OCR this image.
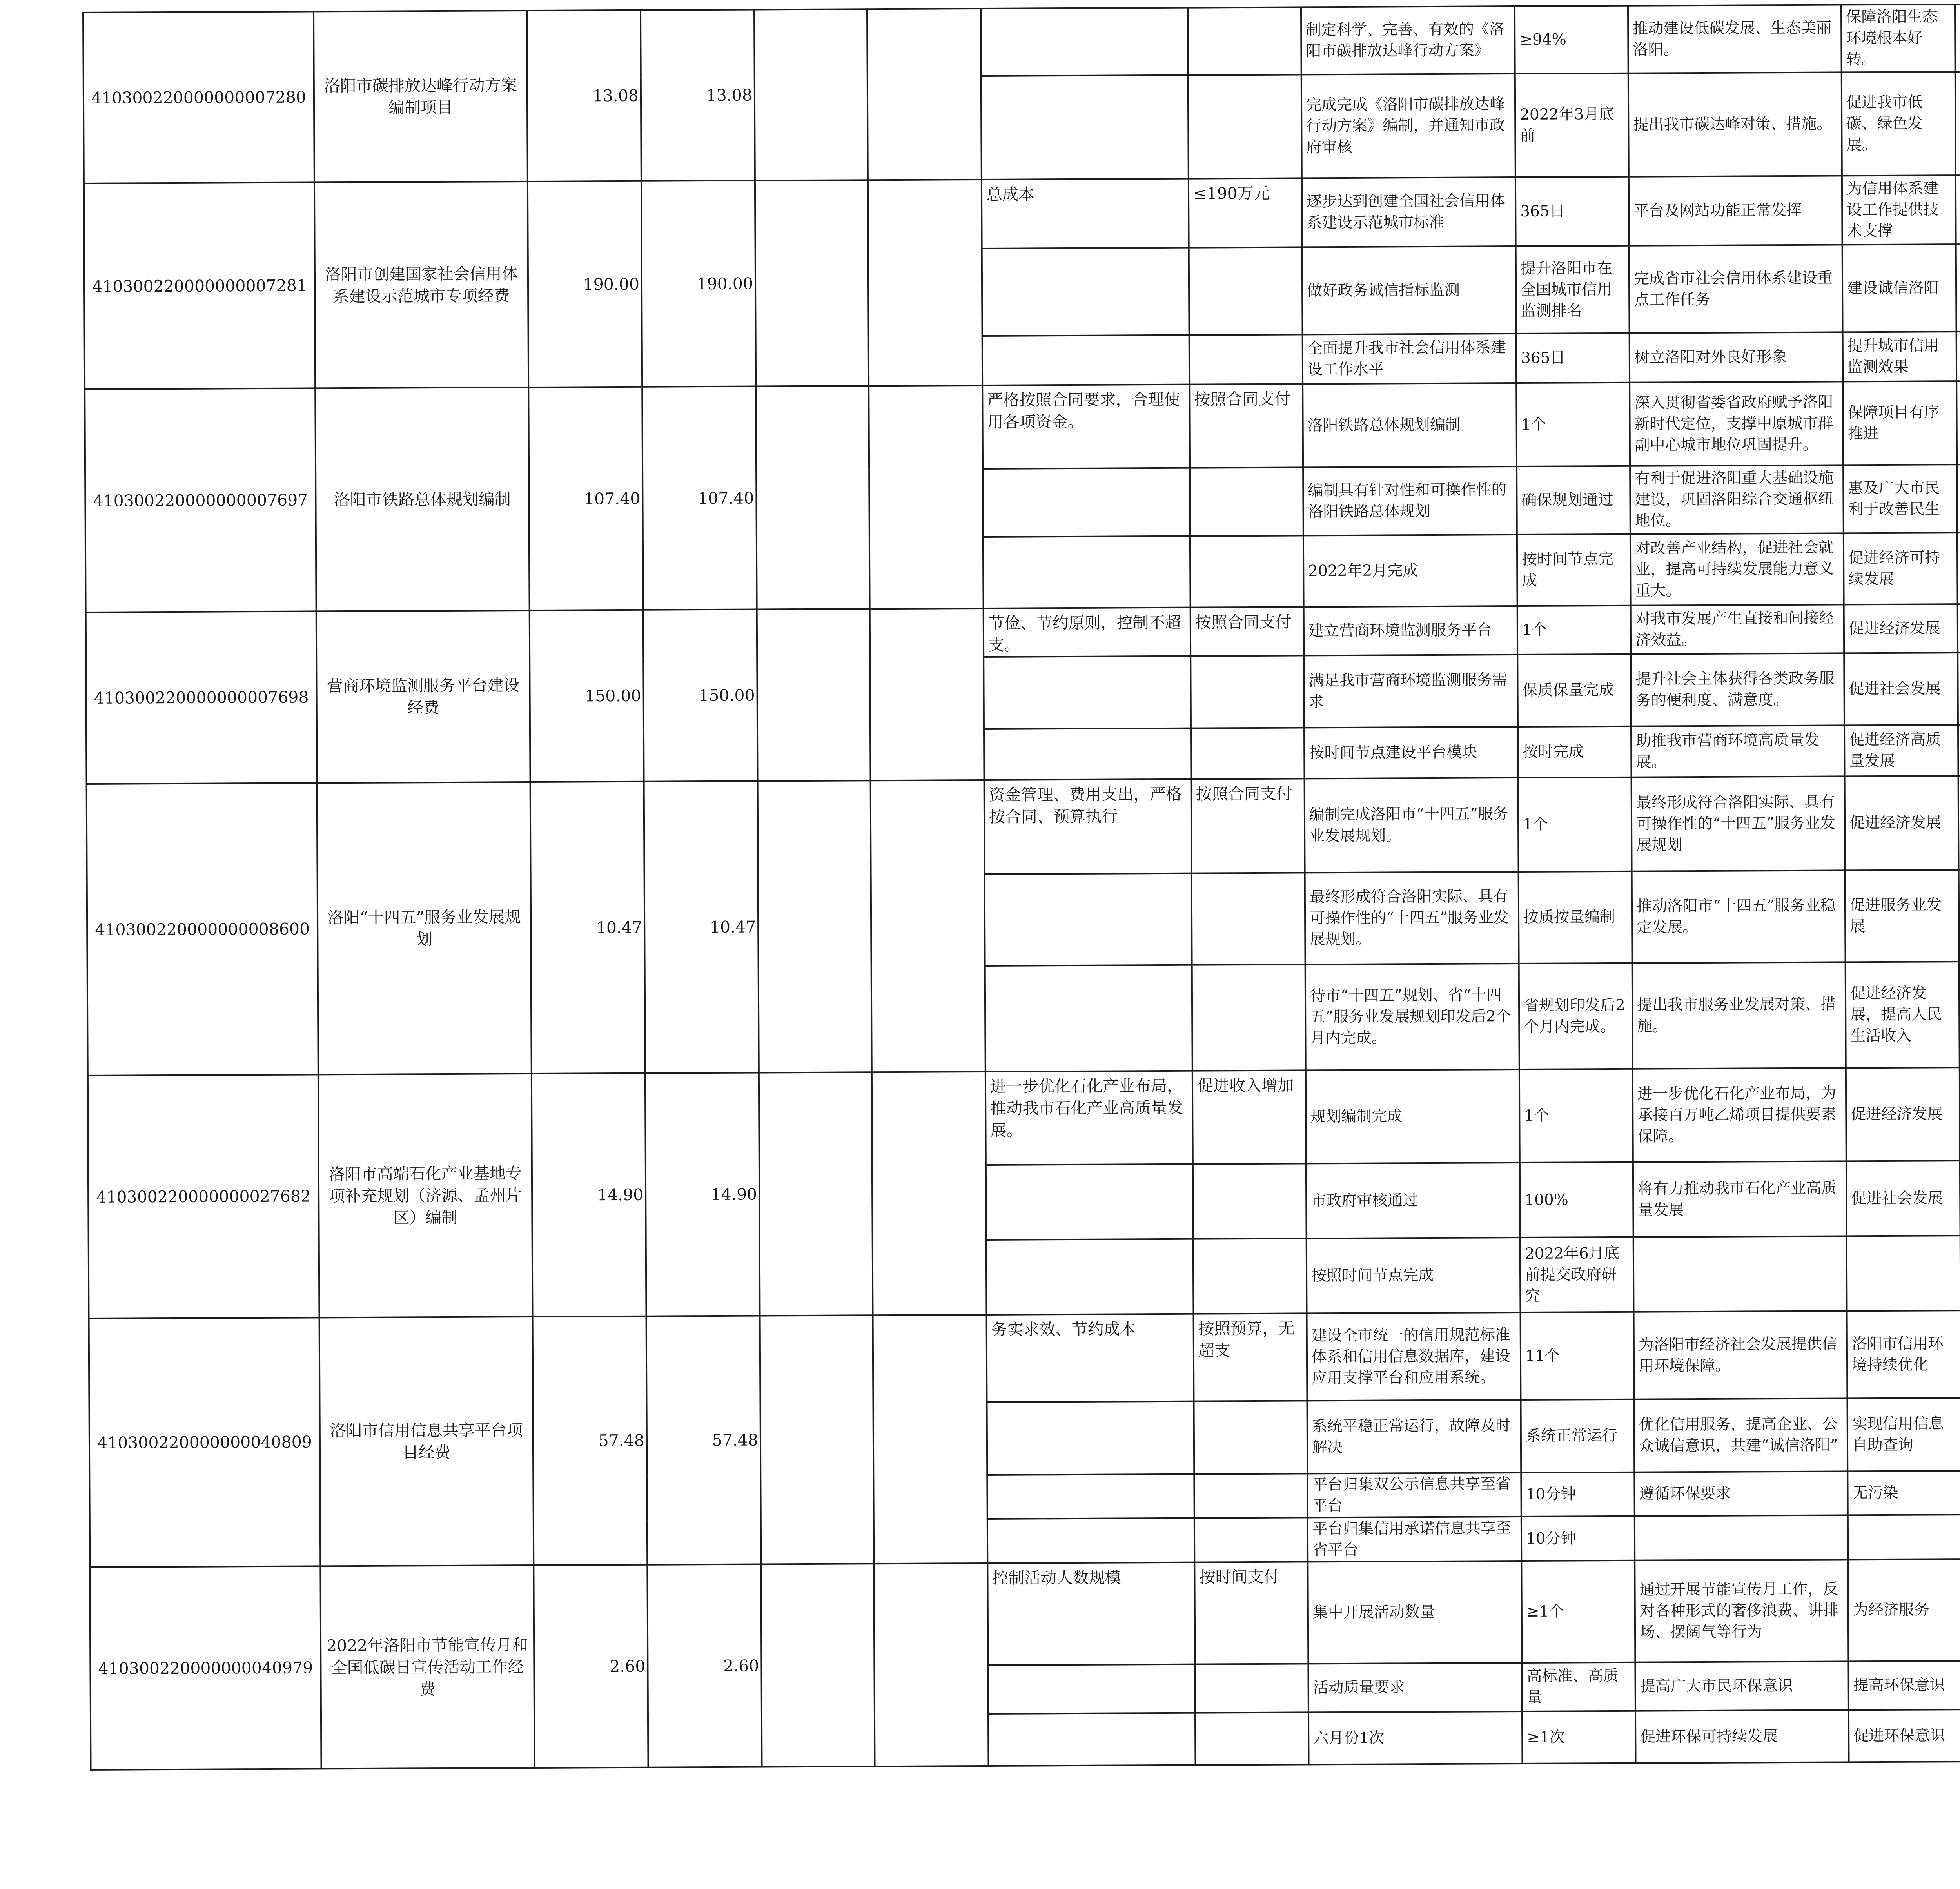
410300220000000007280	洛阳市碳排放达峰行动方案编制项目	13.08	13.08					制定科学、完善、有效的《洛阳市碳排放达峰行动方案》	≥94%	推动建设低碳发展、生态美丽洛阳。	保障洛阳生态环境根本好转。		
								完成完成《洛阳市碳排放达峰行动方案》编制，并通知市政府审核	2022年3月底前	提出我市碳达峰对策、措施。	促进我市低碳、绿色发展。		
410300220000000007281	洛阳市创建国家社会信用体系建设示范城市专项经费	190.00	190.00			总成本	≤190万元	逐步达到创建全国社会信用体系建设示范城市标准	365日	平台及网站功能正常发挥	为信用体系建设工作提供技术支撑		
								做好政务诚信指标监测	提升洛阳市在全国城市信用监测排名	完成省市社会信用体系建设重点工作任务	建设诚信洛阳		
								全面提升我市社会信用体系建设工作水平	365日	树立洛阳对外良好形象	提升城市信用监测效果		
410300220000000007697	洛阳市铁路总体规划编制	107.40	107.40			严格按照合同要求，合理使用各项资金。	按照合同支付	洛阳铁路总体规划编制	1个	深入贯彻省委省政府赋予洛阳新时代定位，支撑中原城市群副中心城市地位巩固提升。	保障项目有序推进		
								编制具有针对性和可操作性的洛阳铁路总体规划	确保规划通过	有利于促进洛阳重大基础设施建设，巩固洛阳综合交通枢纽地位。	惠及广大市民利于改善民生		
								2022年2月完成	按时间节点完成	对改善产业结构，促进社会就业，提高可持续发展能力意义重大。	促进经济可持续发展		
410300220000000007698	营商环境监测服务平台建设经费	150.00	150.00			节俭、节约原则，控制不超支。	按照合同支付	建立营商环境监测服务平台	1个	对我市发展产生直接和间接经济效益。	促进经济发展		
								满足我市营商环境监测服务需求	保质保量完成	提升社会主体获得各类政务服务的便利度、满意度。	促进社会发展		
								按时间节点建设平台模块	按时完成	助推我市营商环境高质量发展。	促进经济高质量发展		
410300220000000008600	洛阳“十四五”服务业发展规划	10.47	10.47			资金管理、费用支出，严格按合同、预算执行	按照合同支付	编制完成洛阳市“十四五”服务业发展规划。	1个	最终形成符合洛阳实际、具有可操作性的“十四五”服务业发展规划	促进经济发展		
								最终形成符合洛阳实际、具有可操作性的“十四五”服务业发展规划。	按质按量编制	推动洛阳市“十四五”服务业稳定发展。	促进服务业发展		
								待市“十四五”规划、省“十四五”服务业发展规划印发后2个月内完成。	省规划印发后2个月内完成。	提出我市服务业发展对策、措施。	促进经济发展，提高人民生活收入		
410300220000000027682	洛阳市高端石化产业基地专项补充规划（济源、孟州片区）编制	14.90	14.90			进一步优化石化产业布局，推动我市石化产业高质量发展。	促进收入增加	规划编制完成	1个	进一步优化石化产业布局，为承接百万吨乙烯项目提供要素保障。	促进经济发展		
								市政府审核通过	100%	将有力推动我市石化产业高质量发展	促进社会发展		
								按照时间节点完成	2022年6月底前提交政府研究				
410300220000000040809	洛阳市信用信息共享平台项目经费	57.48	57.48			务实求效、节约成本	按照预算，无超支	建设全市统一的信用规范标准体系和信用信息数据库，建设应用支撑平台和应用系统。	11个	为洛阳市经济社会发展提供信用环境保障。	洛阳市信用环境持续优化		
								系统平稳正常运行，故障及时解决	系统正常运行	优化信用服务，提高企业、公众诚信意识，共建“诚信洛阳”	实现信用信息自助查询		
								平台归集双公示信息共享至省平台	10分钟	遵循环保要求	无污染		
								平台归集信用承诺信息共享至省平台	10分钟				
410300220000000040979	2022年洛阳市节能宣传月和全国低碳日宣传活动工作经费	2.60	2.60			控制活动人数规模	按时间支付	集中开展活动数量	≥1个	通过开展节能宣传月工作，反对各种形式的奢侈浪费、讲排场、摆阔气等行为	为经济服务		
								活动质量要求	高标准、高质量	提高广大市民环保意识	提高环保意识		
								六月份1次	≥1次	促进环保可持续发展	促进环保意识		
